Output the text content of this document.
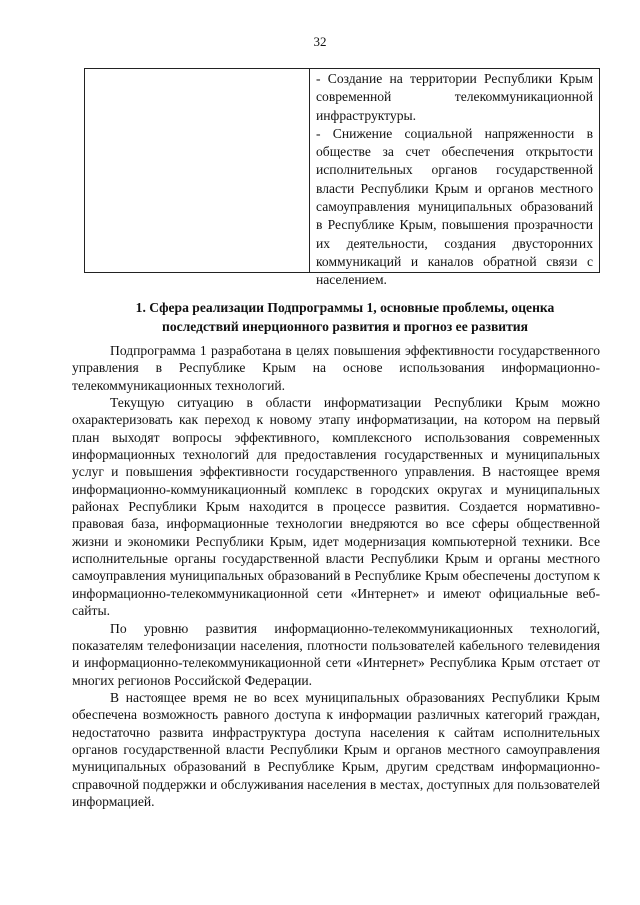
32

- Создание на территории Республики Крым современной телекоммуникационной инфраструктуры.

- Снижение социальной напряженности в обществе за счет обеспечения открытости исполнительных органов государственной власти Республики Крым и органов местного самоуправления муниципальных образований в Республике Крым, повышения прозрачности их деятельности, создания двусторонних коммуникаций и каналов обратной связи с населением.

1. Сфера реализации Подпрограммы 1, основные проблемы, оценка
последствий инерционного развития и прогноз ее развития

Подпрограмма 1 разработана в целях повышения эффективности государственного управления в Республике Крым на основе использования информационно-телекоммуникационных технологий.

Текущую ситуацию в области информатизации Республики Крым можно охарактеризовать как переход к новому этапу информатизации, на котором на первый план выходят вопросы эффективного, комплексного использования современных информационных технологий для предоставления государственных и муниципальных услуг и повышения эффективности государственного управления. В настоящее время информационно-коммуникационный комплекс в городских округах и муниципальных районах Республики Крым находится в процессе развития. Создается нормативно-правовая база, информационные технологии внедряются во все сферы общественной жизни и экономики Республики Крым, идет модернизация компьютерной техники. Все исполнительные органы государственной власти Республики Крым и органы местного самоуправления муниципальных образований в Республике Крым обеспечены доступом к информационно-телекоммуникационной сети «Интернет» и имеют официальные веб-сайты.

По уровню развития информационно-телекоммуникационных технологий, показателям телефонизации населения, плотности пользователей кабельного телевидения и информационно-телекоммуникационной сети «Интернет» Республика Крым отстает от многих регионов Российской Федерации.

В настоящее время не во всех муниципальных образованиях Республики Крым обеспечена возможность равного доступа к информации различных категорий граждан, недостаточно развита инфраструктура доступа населения к сайтам исполнительных органов государственной власти Республики Крым и органов местного самоуправления муниципальных образований в Республике Крым, другим средствам информационно-справочной поддержки и обслуживания населения в местах, доступных для пользователей информацией.
